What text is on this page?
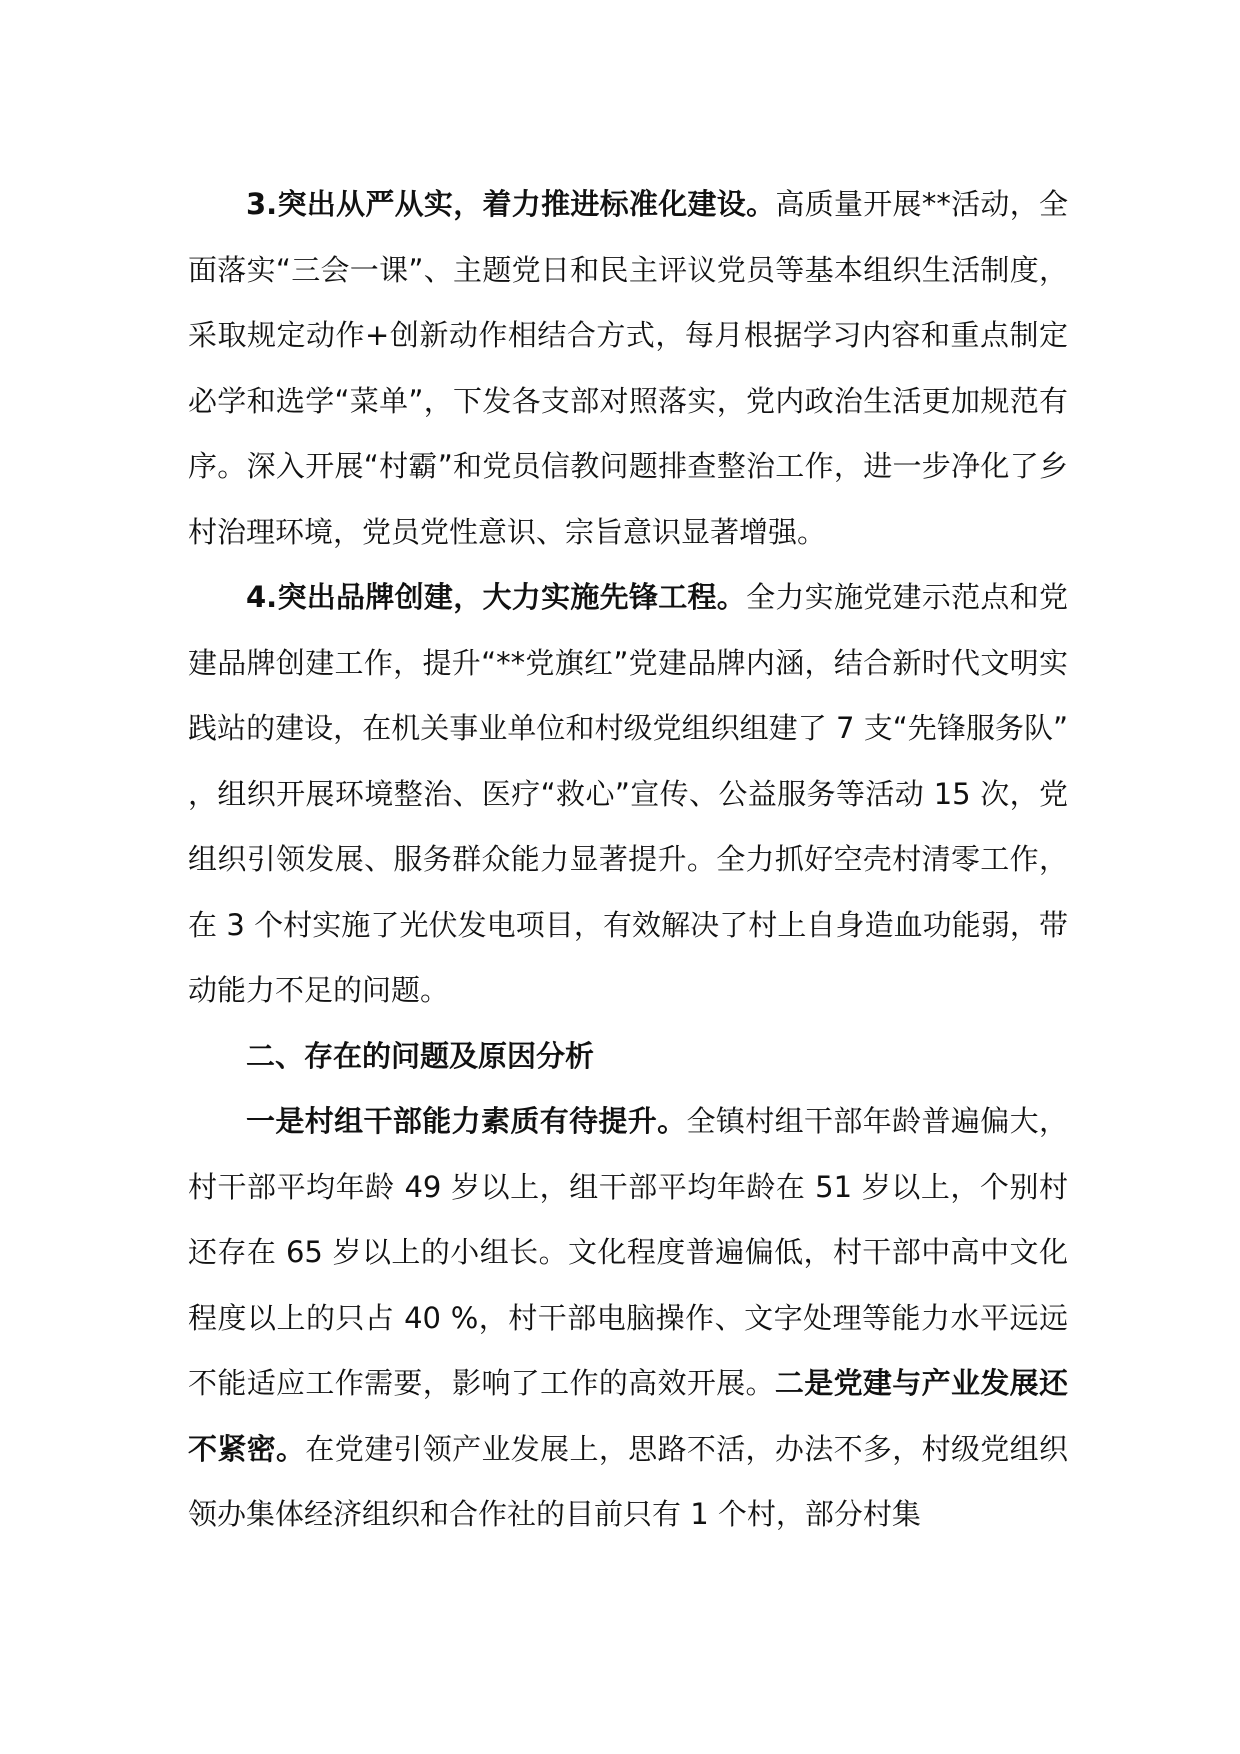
3.突出从严从实，着力推进标准化建设。高质量开展**活动，全面落实“三会一课”、主题党日和民主评议党员等基本组织生活制度，采取规定动作+创新动作相结合方式，每月根据学习内容和重点制定必学和选学“菜单”，下发各支部对照落实，党内政治生活更加规范有序。深入开展“村霸”和党员信教问题排查整治工作，进一步净化了乡村治理环境，党员党性意识、宗旨意识显著增强。

4.突出品牌创建，大力实施先锋工程。全力实施党建示范点和党建品牌创建工作，提升“**党旗红”党建品牌内涵，结合新时代文明实践站的建设，在机关事业单位和村级党组织组建了 7 支“先锋服务队”，组织开展环境整治、医疗“救心”宣传、公益服务等活动 15 次，党组织引领发展、服务群众能力显著提升。全力抓好空壳村清零工作，在 3 个村实施了光伏发电项目，有效解决了村上自身造血功能弱，带动能力不足的问题。

二、存在的问题及原因分析

一是村组干部能力素质有待提升。全镇村组干部年龄普遍偏大，村干部平均年龄 49 岁以上，组干部平均年龄在 51 岁以上，个别村还存在 65 岁以上的小组长。文化程度普遍偏低，村干部中高中文化程度以上的只占 40 %，村干部电脑操作、文字处理等能力水平远远不能适应工作需要，影响了工作的高效开展。二是党建与产业发展还不紧密。在党建引领产业发展上，思路不活，办法不多，村级党组织领办集体经济组织和合作社的目前只有 1 个村，部分村集
